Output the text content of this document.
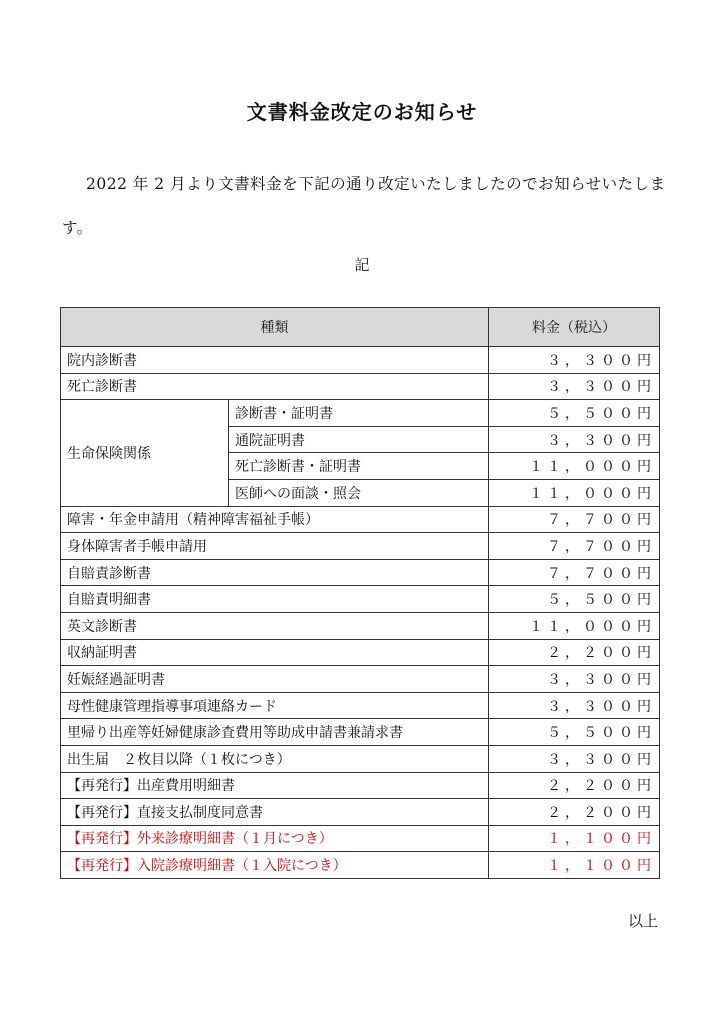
文書料金改定のお知らせ
2022 年 2 月より文書料金を下記の通り改定いたしましたのでお知らせいたします。
記
種類		料金（税込）
院内診断書		３，３００円
死亡診断書		３，３００円
生命保険関係	診断書・証明書	５，５００円
	通院証明書	３，３００円
	死亡診断書・証明書	１１，０００円
	医師への面談・照会	１１，０００円
障害・年金申請用（精神障害福祉手帳）		７，７００円
身体障害者手帳申請用		７，７００円
自賠責診断書		７，７００円
自賠責明細書		５，５００円
英文診断書		１１，０００円
収納証明書		２，２００円
妊娠経過証明書		３，３００円
母性健康管理指導事項連絡カード		３，３００円
里帰り出産等妊婦健康診査費用等助成申請書兼請求書		５，５００円
出生届　２枚目以降（１枚につき）		３，３００円
【再発行】出産費用明細書		２，２００円
【再発行】直接支払制度同意書		２，２００円
【再発行】外来診療明細書（１月につき）		１，１００円
【再発行】入院診療明細書（１入院につき）		１，１００円
以上
